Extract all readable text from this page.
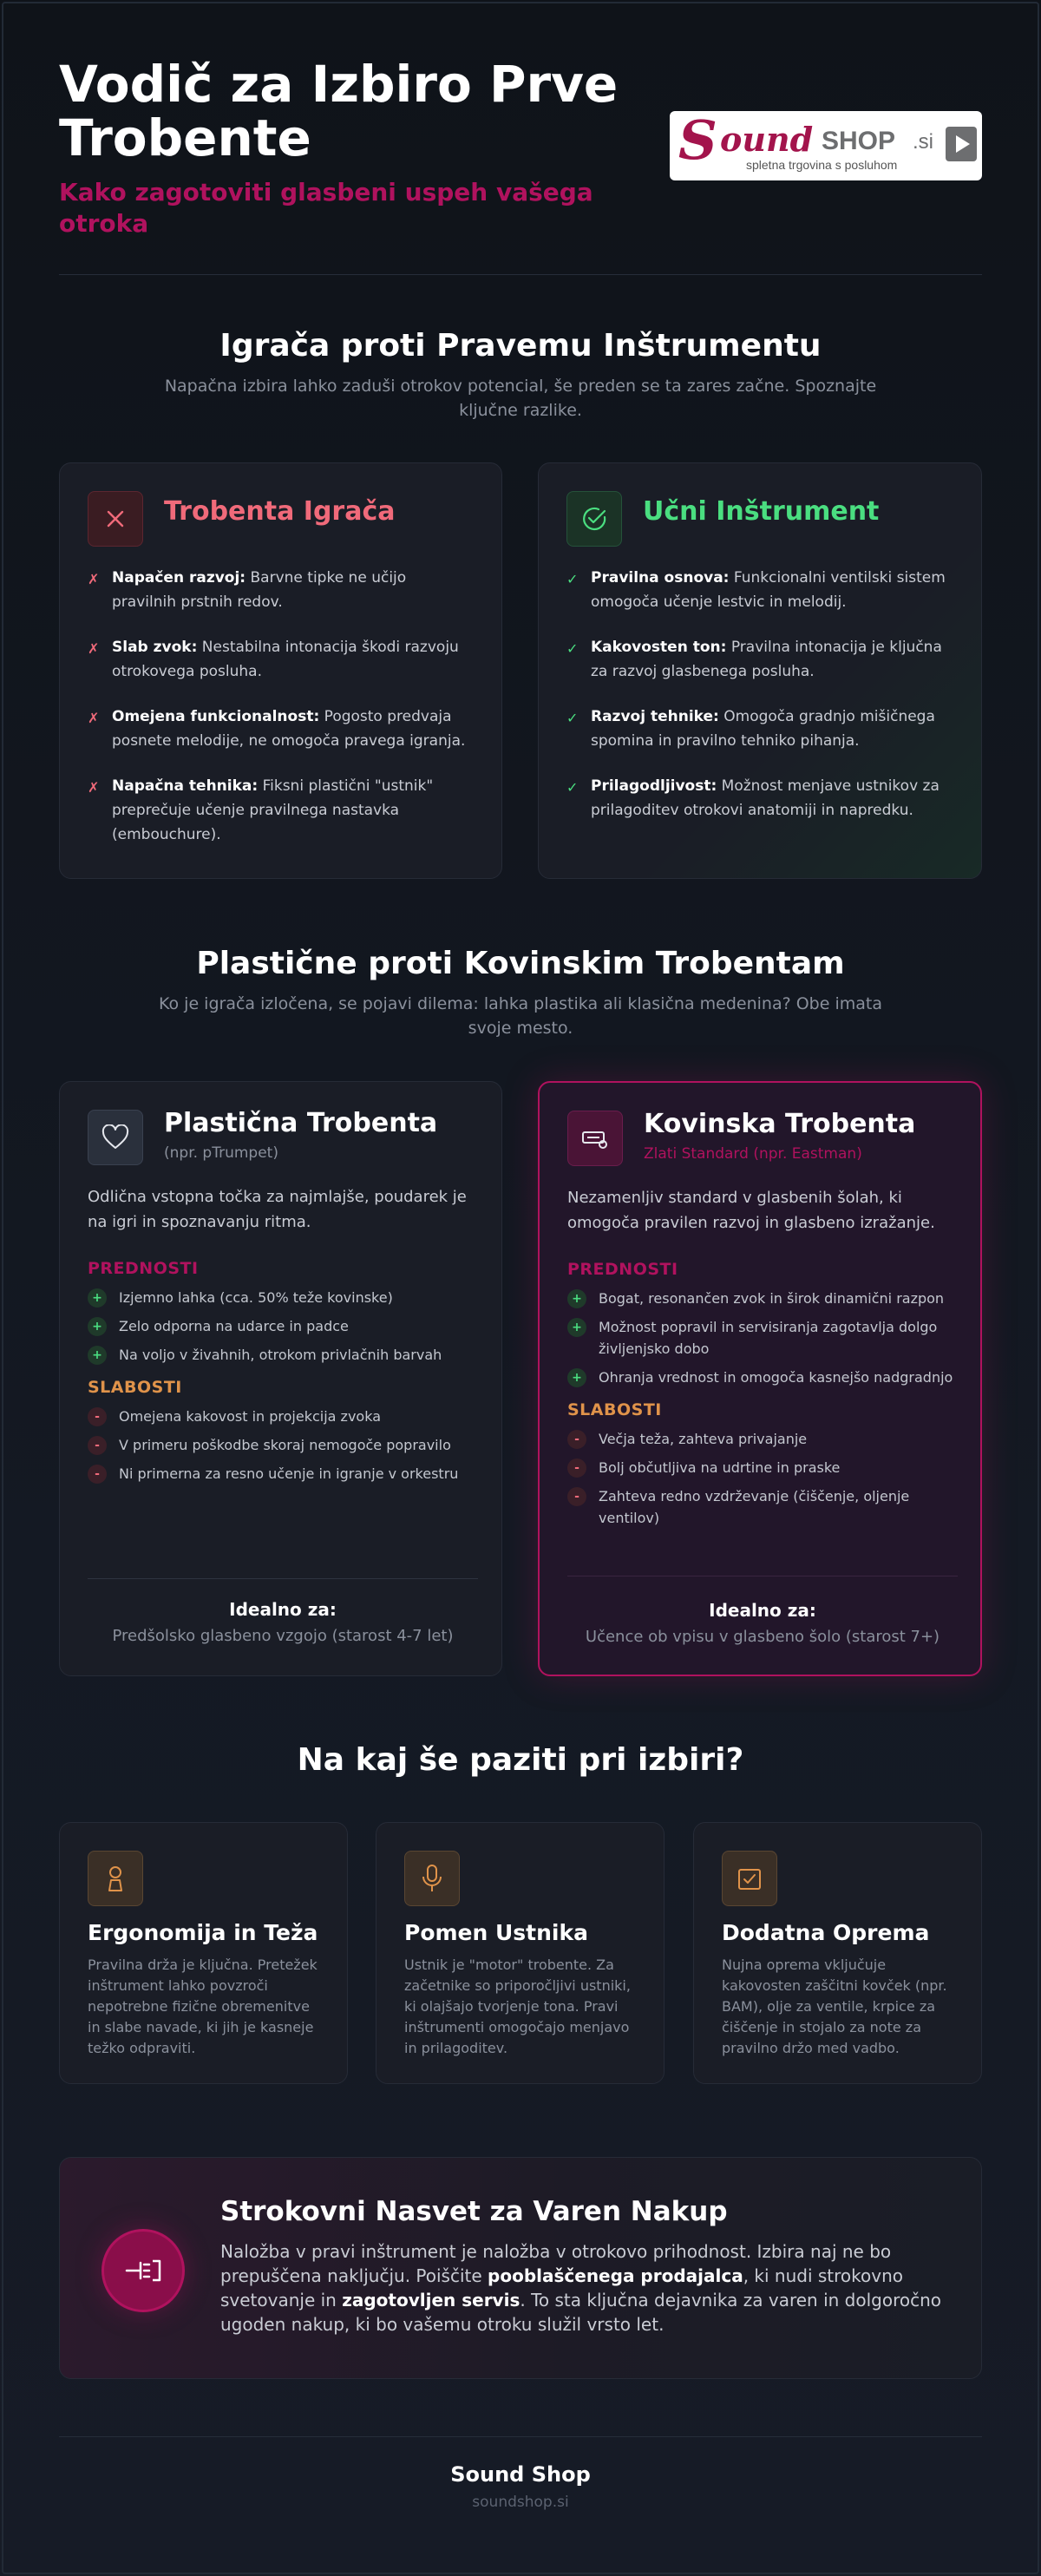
Vodič za Izbiro Prve Trobente
Kako zagotoviti glasbeni uspeh vašega otroka
S ound SHOP .si
spletna trgovina s posluhom
Igrača proti Pravemu Inštrumentu

Napačna izbira lahko zaduši otrokov potencial, še preden se ta zares začne. Spoznajte ključne razlike.

Trobenta Igrača
✗ Napačen razvoj: Barvne tipke ne učijo pravilnih prstnih redov.
✗ Slab zvok: Nestabilna intonacija škodi razvoju otrokovega posluha.
✗ Omejena funkcionalnost: Pogosto predvaja posnete melodije, ne omogoča pravega igranja.
✗ Napačna tehnika: Fiksni plastični "ustnik" preprečuje učenje pravilnega nastavka (embouchure).
Učni Inštrument
✓ Pravilna osnova: Funkcionalni ventilski sistem omogoča učenje lestvic in melodij.
✓ Kakovosten ton: Pravilna intonacija je ključna za razvoj glasbenega posluha.
✓ Razvoj tehnike: Omogoča gradnjo mišičnega spomina in pravilno tehniko pihanja.
✓ Prilagodljivost: Možnost menjave ustnikov za prilagoditev otrokovi anatomiji in napredku.
Plastične proti Kovinskim Trobentam

Ko je igrača izločena, se pojavi dilema: lahka plastika ali klasična medenina? Obe imata svoje mesto.

Plastična Trobenta
(npr. pTrumpet)
Odlična vstopna točka za najmlajše, poudarek je na igri in spoznavanju ritma.
PREDNOSTI
+	Izjemno lahka (cca. 50% teže kovinske)
+	Zelo odporna na udarce in padce
+	Na voljo v živahnih, otrokom privlačnih barvah
SLABOSTI
-	Omejena kakovost in projekcija zvoka
-	V primeru poškodbe skoraj nemogoče popravilo
-	Ni primerna za resno učenje in igranje v orkestru
Idealno za:
Predšolsko glasbeno vzgojo (starost 4-7 let)
Kovinska Trobenta
Zlati Standard (npr. Eastman)
Nezamenljiv standard v glasbenih šolah, ki omogoča pravilen razvoj in glasbeno izražanje.
PREDNOSTI
+	Bogat, resonančen zvok in širok dinamični razpon
+	Možnost popravil in servisiranja zagotavlja dolgo življenjsko dobo
+	Ohranja vrednost in omogoča kasnejšo nadgradnjo
SLABOSTI
-	Večja teža, zahteva privajanje
-	Bolj občutljiva na udrtine in praske
-	Zahteva redno vzdrževanje (čiščenje, oljenje ventilov)
Idealno za:
Učence ob vpisu v glasbeno šolo (starost 7+)
Na kaj še paziti pri izbiri?
Ergonomija in Teža
Pravilna drža je ključna. Pretežek inštrument lahko povzroči nepotrebne fizične obremenitve in slabe navade, ki jih je kasneje težko odpraviti.
Pomen Ustnika
Ustnik je "motor" trobente. Za začetnike so priporočljivi ustniki, ki olajšajo tvorjenje tona. Pravi inštrumenti omogočajo menjavo in prilagoditev.
Dodatna Oprema
Nujna oprema vključuje kakovosten zaščitni kovček (npr. BAM), olje za ventile, krpice za čiščenje in stojalo za note za pravilno držo med vadbo.
Strokovni Nasvet za Varen Nakup

Naložba v pravi inštrument je naložba v otrokovo prihodnost. Izbira naj ne bo prepuščena naključju. Poiščite pooblaščenega prodajalca, ki nudi strokovno svetovanje in zagotovljen servis. To sta ključna dejavnika za varen in dolgoročno ugoden nakup, ki bo vašemu otroku služil vrsto let.

Sound Shop
soundshop.si
